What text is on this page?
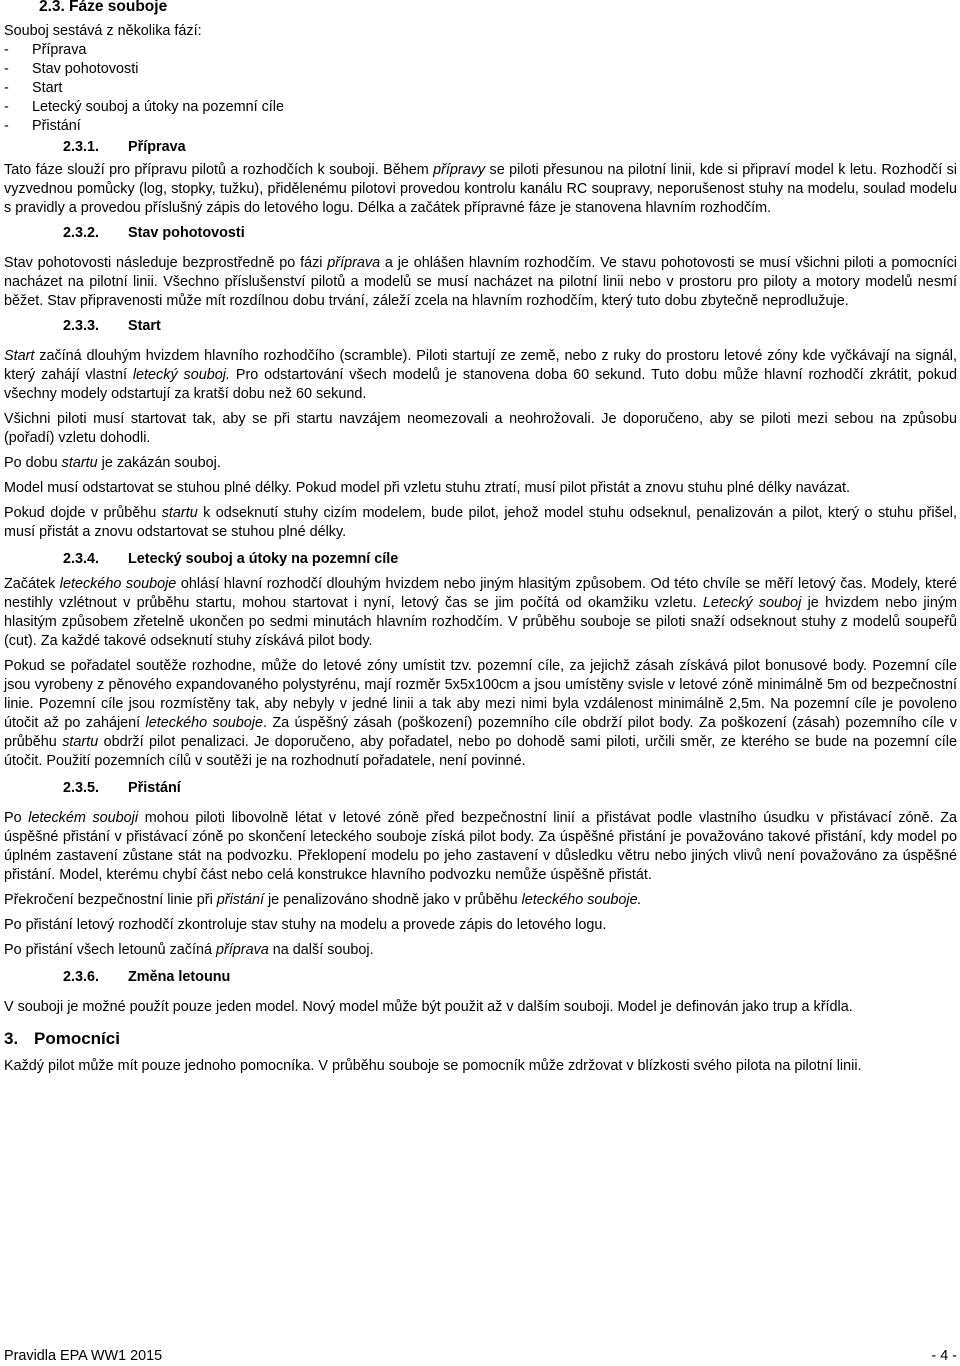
2.3. Fáze souboje

Souboj sestává z několika fází:

- Příprava
- Stav pohotovosti
- Start
- Letecký souboj a útoky na pozemní cíle
- Přistání
2.3.1. Příprava

Tato fáze slouží pro přípravu pilotů a rozhodčích k souboji. Během přípravy se piloti přesunou na pilotní linii, kde si připraví model k letu. Rozhodčí si vyzvednou pomůcky (log, stopky, tužku), přidělenému pilotovi provedou kontrolu kanálu RC soupravy, neporušenost stuhy na modelu, soulad modelu s pravidly a provedou příslušný zápis do letového logu. Délka a začátek přípravné fáze je stanovena hlavním rozhodčím.

2.3.2. Stav pohotovosti

Stav pohotovosti následuje bezprostředně po fázi příprava a je ohlášen hlavním rozhodčím. Ve stavu pohotovosti se musí všichni piloti a pomocníci nacházet na pilotní linii. Všechno příslušenství pilotů a modelů se musí nacházet na pilotní linii nebo v prostoru pro piloty a motory modelů nesmí běžet. Stav připravenosti může mít rozdílnou dobu trvání, záleží zcela na hlavním rozhodčím, který tuto dobu zbytečně neprodlužuje.

2.3.3. Start

Start začíná dlouhým hvizdem hlavního rozhodčího (scramble). Piloti startují ze země, nebo z ruky do prostoru letové zóny kde vyčkávají na signál, který zahájí vlastní letecký souboj. Pro odstartování všech modelů je stanovena doba 60 sekund. Tuto dobu může hlavní rozhodčí zkrátit, pokud všechny modely odstartují za kratší dobu než 60 sekund.

Všichni piloti musí startovat tak, aby se při startu navzájem neomezovali a neohrožovali. Je doporučeno, aby se piloti mezi sebou na způsobu (pořadí) vzletu dohodli.

Po dobu startu je zakázán souboj.

Model musí odstartovat se stuhou plné délky. Pokud model při vzletu stuhu ztratí, musí pilot přistát a znovu stuhu plné délky navázat.

Pokud dojde v průběhu startu k odseknutí stuhy cizím modelem, bude pilot, jehož model stuhu odseknul, penalizován a pilot, který o stuhu přišel, musí přistát a znovu odstartovat se stuhou plné délky.

2.3.4. Letecký souboj a útoky na pozemní cíle

Začátek leteckého souboje ohlásí hlavní rozhodčí dlouhým hvizdem nebo jiným hlasitým způsobem. Od této chvíle se měří letový čas. Modely, které nestihly vzlétnout v průběhu startu, mohou startovat i nyní, letový čas se jim počítá od okamžiku vzletu. Letecký souboj je hvizdem nebo jiným hlasitým způsobem zřetelně ukončen po sedmi minutách hlavním rozhodčím. V průběhu souboje se piloti snaží odseknout stuhy z modelů soupeřů (cut). Za každé takové odseknutí stuhy získává pilot body.

Pokud se pořadatel soutěže rozhodne, může do letové zóny umístit tzv. pozemní cíle, za jejichž zásah získává pilot bonusové body. Pozemní cíle jsou vyrobeny z pěnového expandovaného polystyrénu, mají rozměr 5x5x100cm a jsou umístěny svisle v letové zóně minimálně 5m od bezpečnostní linie. Pozemní cíle jsou rozmístěny tak, aby nebyly v jedné linii a tak aby mezi nimi byla vzdálenost minimálně 2,5m. Na pozemní cíle je povoleno útočit až po zahájení leteckého souboje. Za úspěšný zásah (poškození) pozemního cíle obdrží pilot body. Za poškození (zásah) pozemního cíle v průběhu startu obdrží pilot penalizaci. Je doporučeno, aby pořadatel, nebo po dohodě sami piloti, určili směr, ze kterého se bude na pozemní cíle útočit. Použití pozemních cílů v soutěži je na rozhodnutí pořadatele, není povinné.

2.3.5. Přistání

Po leteckém souboji mohou piloti libovolně létat v letové zóně před bezpečnostní linií a přistávat podle vlastního úsudku v přistávací zóně. Za úspěšné přistání v přistávací zóně po skončení leteckého souboje získá pilot body. Za úspěšné přistání je považováno takové přistání, kdy model po úplném zastavení zůstane stát na podvozku. Překlopení modelu po jeho zastavení v důsledku větru nebo jiných vlivů není považováno za úspěšné přistání. Model, kterému chybí část nebo celá konstrukce hlavního podvozku nemůže úspěšně přistát.

Překročení bezpečnostní linie při přistání je penalizováno shodně jako v průběhu leteckého souboje.

Po přistání letový rozhodčí zkontroluje stav stuhy na modelu a provede zápis do letového logu.

Po přistání všech letounů začíná příprava na další souboj.

2.3.6. Změna letounu

V souboji je možné použít pouze jeden model. Nový model může být použit až v dalším souboji. Model je definován jako trup a křídla.

3. Pomocníci

Každý pilot může mít pouze jednoho pomocníka. V průběhu souboje se pomocník může zdržovat v blízkosti svého pilota na pilotní linii.

Pravidla EPA WW1 2015	- 4 -
